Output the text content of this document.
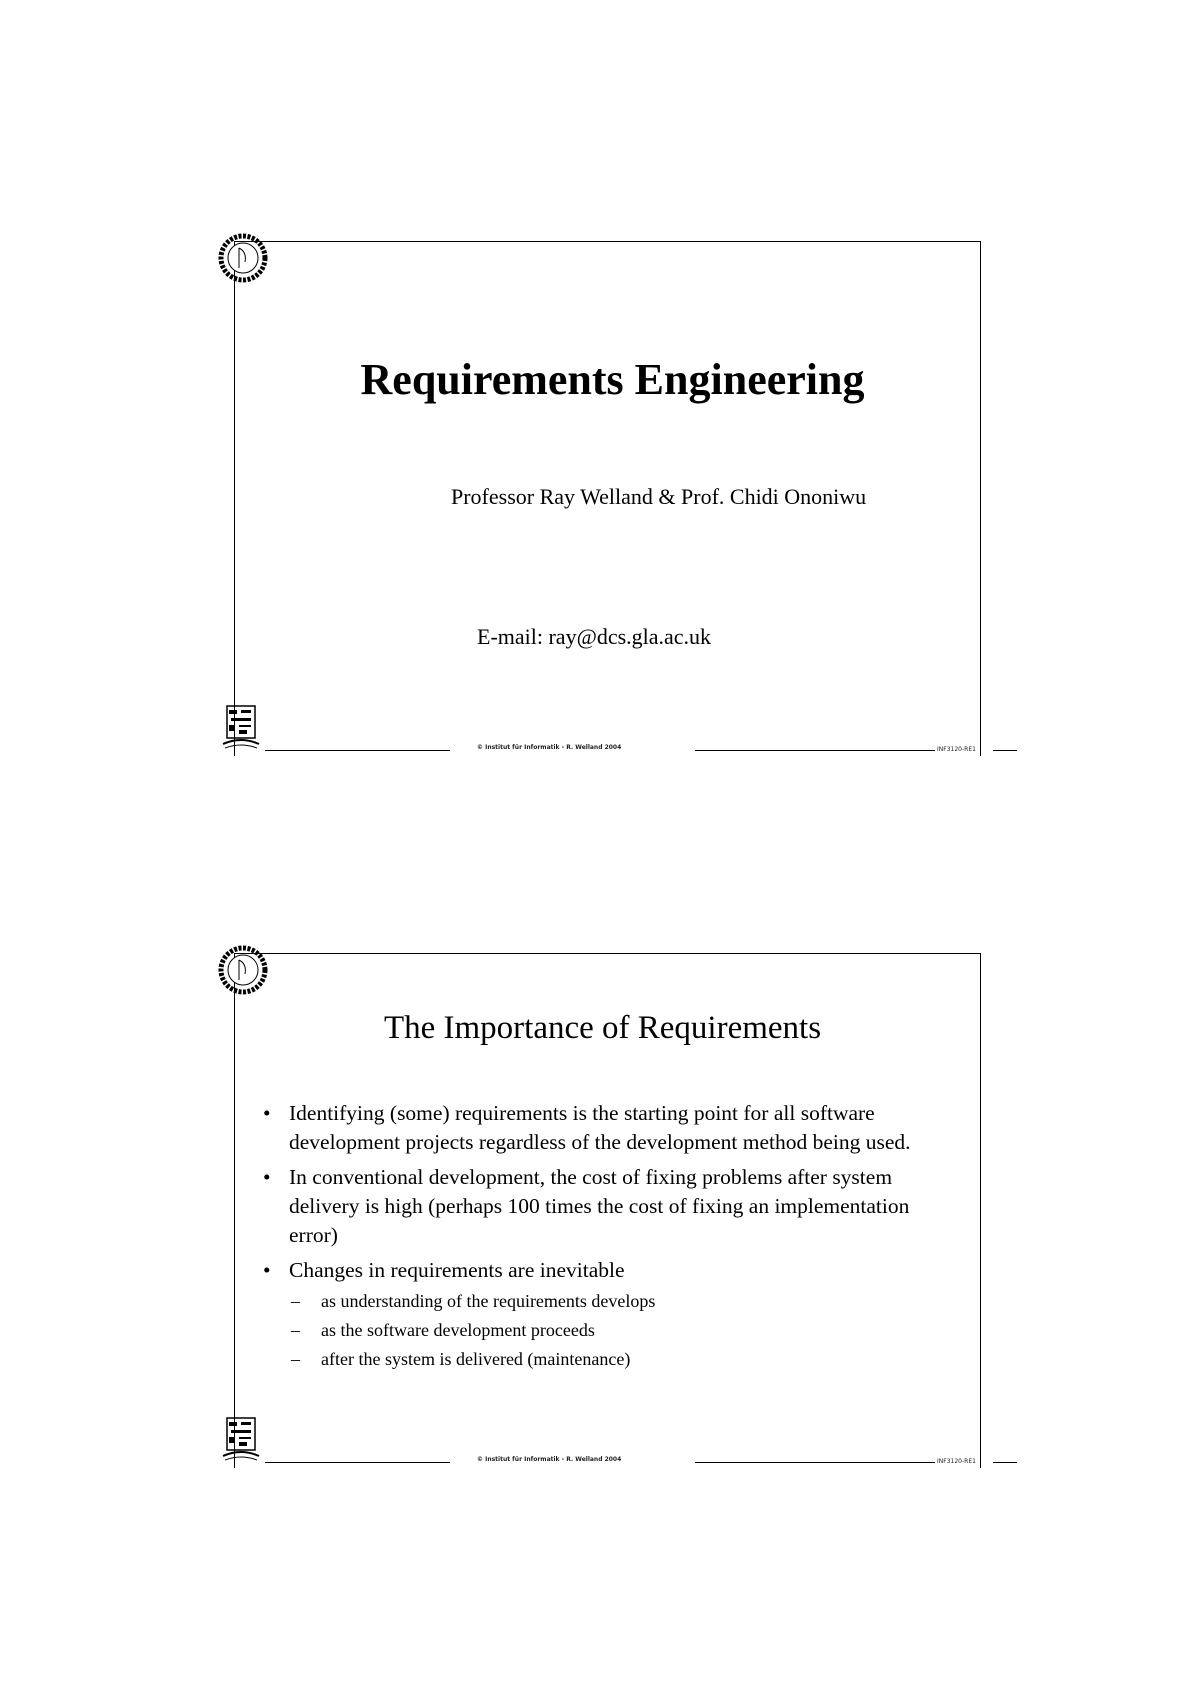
Requirements Engineering
Professor Ray Welland & Prof. Chidi Ononiwu
E-mail: ray@dcs.gla.ac.uk
© Institut für Informatik - R. Welland 2004	INF3120-RE1
The Importance of Requirements
• Identifying (some) requirements is the starting point for all software development projects regardless of the development method being used.
• In conventional development, the cost of fixing problems after system delivery is high (perhaps 100 times the cost of fixing an implementation error)
• Changes in requirements are inevitable
– as understanding of the requirements develops
– as the software development proceeds
– after the system is delivered (maintenance)
© Institut für Informatik - R. Welland 2004	INF3120-RE1
